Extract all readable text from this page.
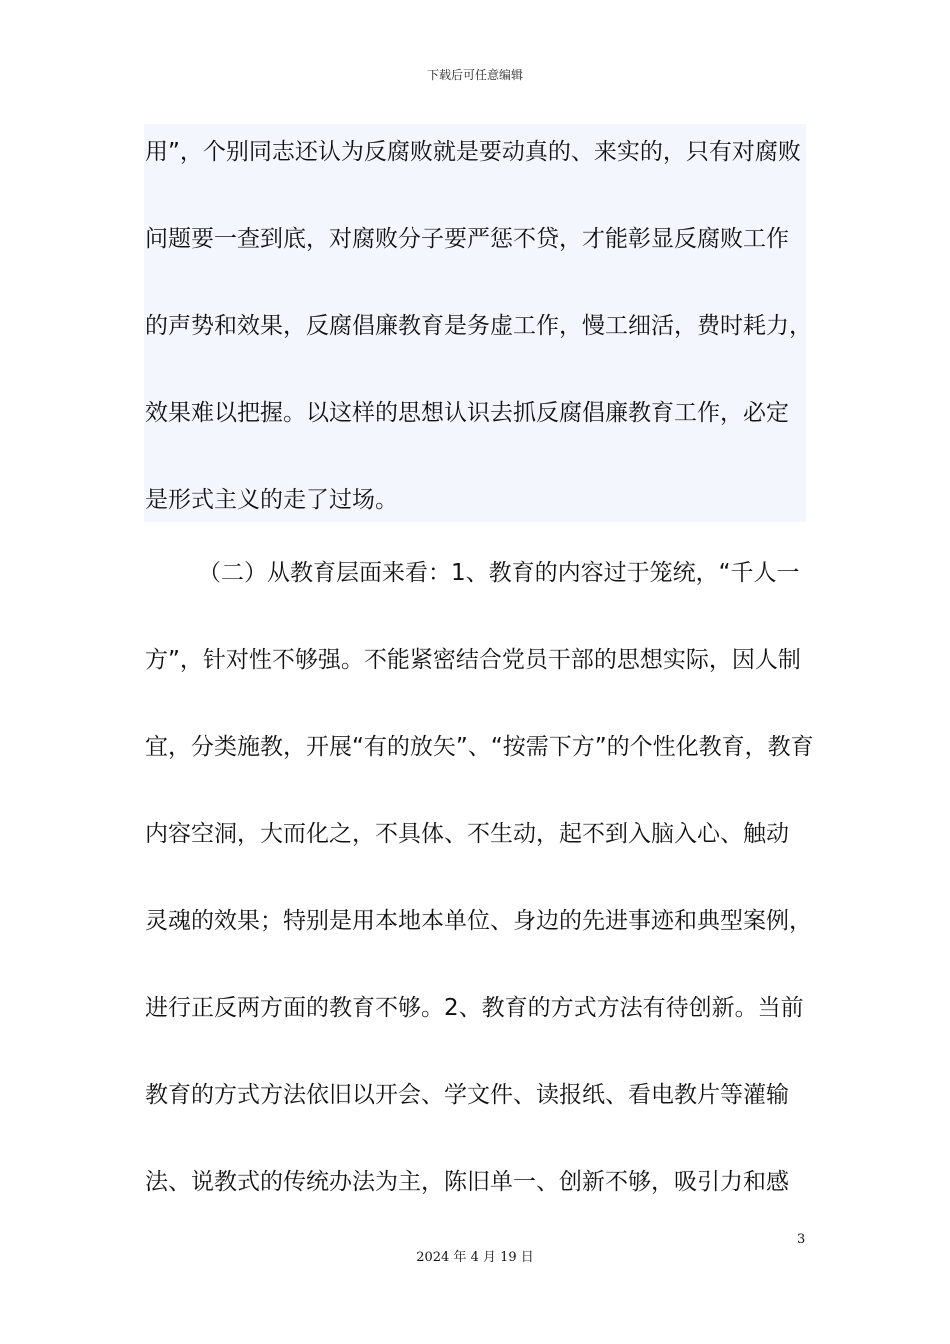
下载后可任意编辑
用”，个别同志还认为反腐败就是要动真的、来实的，只有对腐败
问题要一查到底，对腐败分子要严惩不贷，才能彰显反腐败工作
的声势和效果，反腐倡廉教育是务虚工作，慢工细活，费时耗力，
效果难以把握。以这样的思想认识去抓反腐倡廉教育工作，必定
是形式主义的走了过场。
（二）从教育层面来看：1、教育的内容过于笼统，“千人一
方”，针对性不够强。不能紧密结合党员干部的思想实际，因人制
宜，分类施教，开展“有的放矢”、“按需下方”的个性化教育，教育
内容空洞，大而化之，不具体、不生动，起不到入脑入心、触动
灵魂的效果；特别是用本地本单位、身边的先进事迹和典型案例，
进行正反两方面的教育不够。2、教育的方式方法有待创新。当前
教育的方式方法依旧以开会、学文件、读报纸、看电教片等灌输
法、说教式的传统办法为主，陈旧单一、创新不够，吸引力和感
3
2024 年 4 月 19 日
